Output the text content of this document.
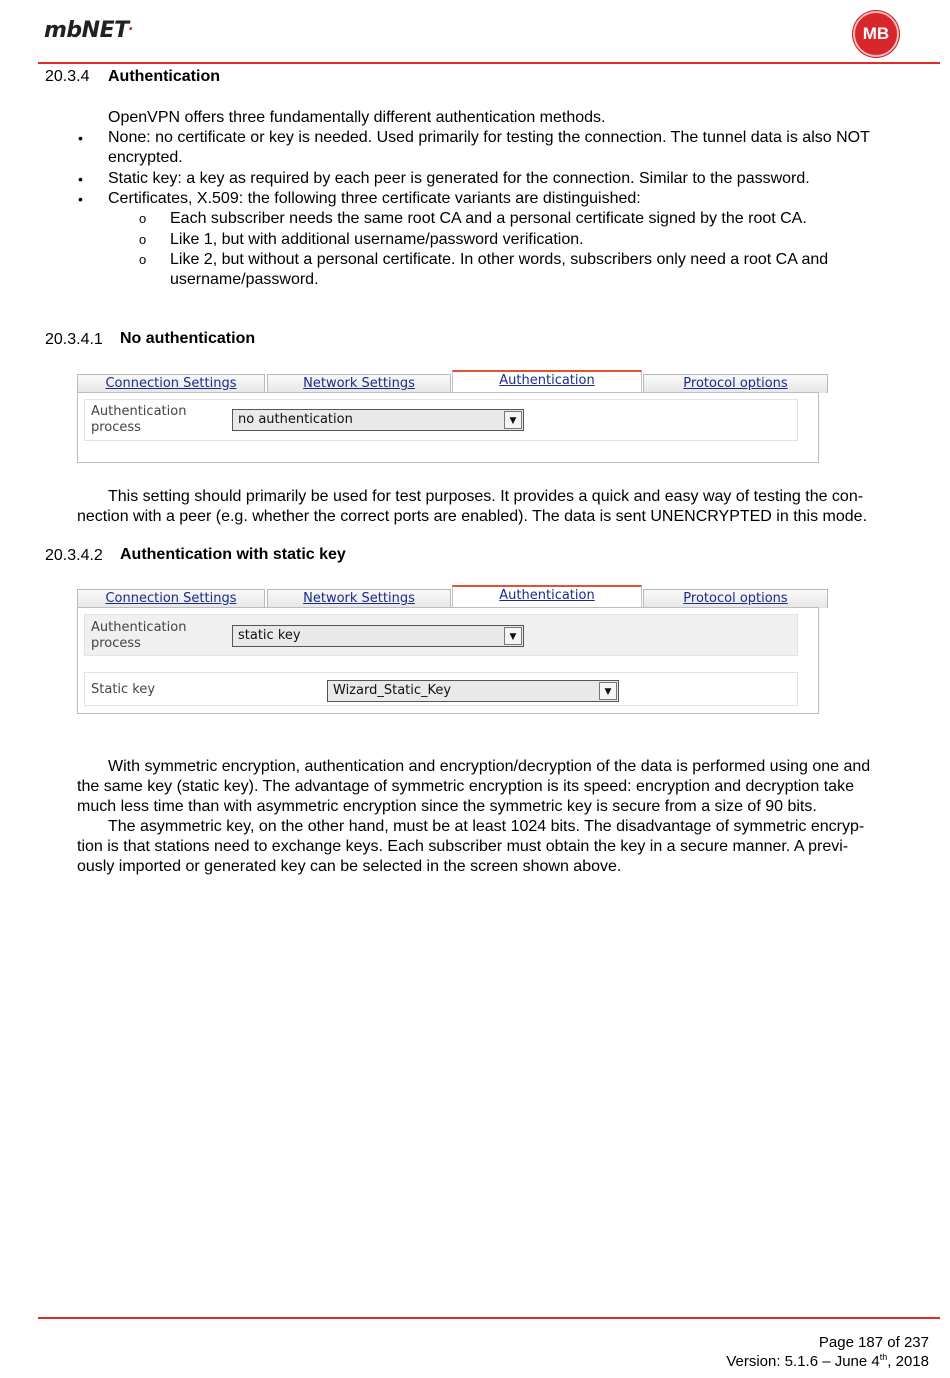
mbNET.	MB
20.3.4 Authentication
OpenVPN offers three fundamentally different authentication methods.
• None: no certificate or key is needed. Used primarily for testing the connection. The tunnel data is also NOT
encrypted.
• Static key: a key as required by each peer is generated for the connection. Similar to the password.
• Certificates, X.509: the following three certificate variants are distinguished:
o Each subscriber needs the same root CA and a personal certificate signed by the root CA.
o Like 1, but with additional username/password verification.
o Like 2, but without a personal certificate. In other words, subscribers only need a root CA and
username/password.
20.3.4.1 No authentication
Connection Settings	Network Settings	Authentication	Protocol options
Authentication
process
no authentication	▼
This setting should primarily be used for test purposes. It provides a quick and easy way of testing the con-
nection with a peer (e.g. whether the correct ports are enabled). The data is sent UNENCRYPTED in this mode.
20.3.4.2 Authentication with static key
Connection Settings	Network Settings	Authentication	Protocol options
Authentication
process
static key	▼
Static key	Wizard_Static_Key	▼
With symmetric encryption, authentication and encryption/decryption of the data is performed using one and
the same key (static key). The advantage of symmetric encryption is its speed: encryption and decryption take
much less time than with asymmetric encryption since the symmetric key is secure from a size of 90 bits.
The asymmetric key, on the other hand, must be at least 1024 bits. The disadvantage of symmetric encryp-
tion is that stations need to exchange keys. Each subscriber must obtain the key in a secure manner. A previ-
ously imported or generated key can be selected in the screen shown above.
Page 187 of 237
Version: 5.1.6 – June 4th, 2018
